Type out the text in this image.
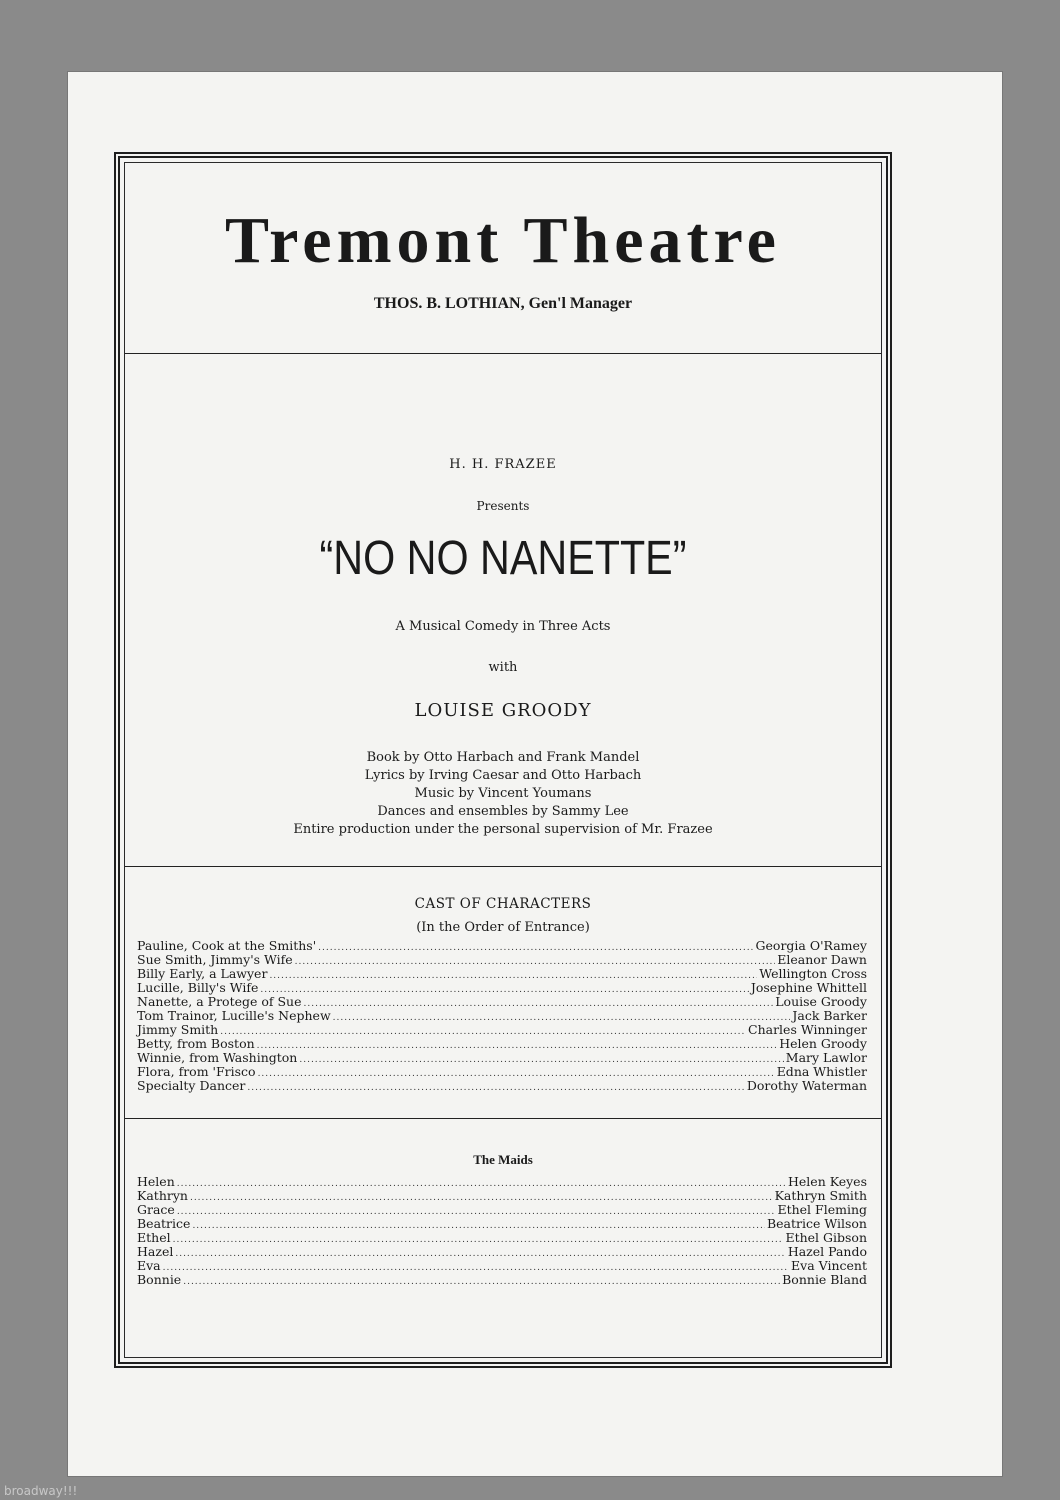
Tremont Theatre
THOS. B. LOTHIAN, Gen'l Manager
H. H. FRAZEE
Presents
“NO NO NANETTE”
A Musical Comedy in Three Acts
with
LOUISE GROODY
Book by Otto Harbach and Frank Mandel
Lyrics by Irving Caesar and Otto Harbach
Music by Vincent Youmans
Dances and ensembles by Sammy Lee
Entire production under the personal supervision of Mr. Frazee
CAST OF CHARACTERS
(In the Order of Entrance)
Pauline, Cook at the Smiths' .....	Georgia O'Ramey
Sue Smith, Jimmy's Wife .....	Eleanor Dawn
Billy Early, a Lawyer .....	Wellington Cross
Lucille, Billy's Wife .....	Josephine Whittell
Nanette, a Protege of Sue .....	Louise Groody
Tom Trainor, Lucille's Nephew .....	Jack Barker
Jimmy Smith .....	Charles Winninger
Betty, from Boston .....	Helen Groody
Winnie, from Washington .....	Mary Lawlor
Flora, from 'Frisco .....	Edna Whistler
Specialty Dancer .....	Dorothy Waterman
The Maids
Helen .....	Helen Keyes
Kathryn .....	Kathryn Smith
Grace .....	Ethel Fleming
Beatrice .....	Beatrice Wilson
Ethel .....	Ethel Gibson
Hazel .....	Hazel Pando
Eva .....	Eva Vincent
Bonnie .....	Bonnie Bland
broadway!!!
